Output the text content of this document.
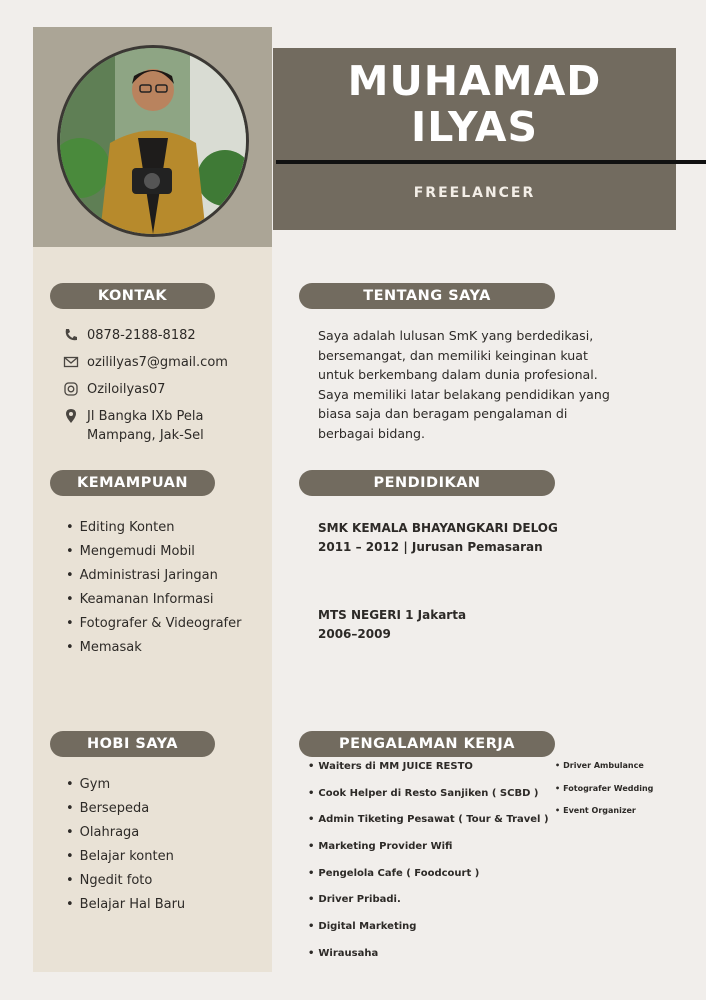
MUHAMAD
ILYAS
FREELANCER
KONTAK
0878-2188-8182
ozililyas7@gmail.com
Oziloilyas07
Jl Bangka IXb Pela
Mampang, Jak-Sel
KEMAMPUAN
• Editing Konten
• Mengemudi Mobil
• Administrasi Jaringan
• Keamanan Informasi
• Fotografer & Videografer
• Memasak
HOBI SAYA
• Gym
• Bersepeda
• Olahraga
• Belajar konten
• Ngedit foto
• Belajar Hal Baru
TENTANG SAYA
Saya adalah lulusan SmK yang berdedikasi,
bersemangat, dan memiliki keinginan kuat
untuk berkembang dalam dunia profesional.
Saya memiliki latar belakang pendidikan yang
biasa saja dan beragam pengalaman di
berbagai bidang.
PENDIDIKAN
SMK KEMALA BHAYANGKARI DELOG
2011 – 2012 | Jurusan Pemasaran
MTS NEGERI 1 Jakarta
2006–2009
PENGALAMAN KERJA
• Waiters di MM JUICE RESTO
• Cook Helper di Resto Sanjiken ( SCBD )
• Admin Tiketing Pesawat ( Tour & Travel )
• Marketing Provider Wifi
• Pengelola Cafe ( Foodcourt )
• Driver Pribadi.
• Digital Marketing
• Wirausaha
• Driver Ambulance
• Fotografer Wedding
• Event Organizer
